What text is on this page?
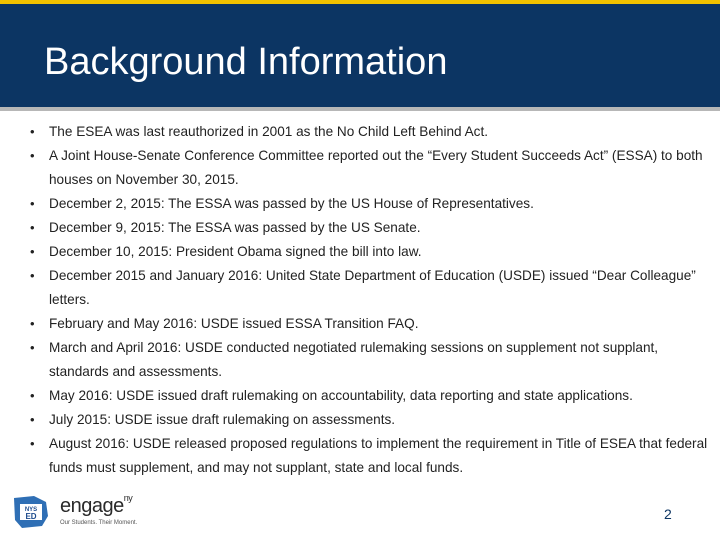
Background Information
• The ESEA was last reauthorized in 2001 as the No Child Left Behind Act.
• A Joint House-Senate Conference Committee reported out the “Every Student Succeeds Act” (ESSA) to both houses on November 30, 2015.
• December 2, 2015: The ESSA was passed by the US House of Representatives.
• December 9, 2015: The ESSA was passed by the US Senate.
• December 10, 2015: President Obama signed the bill into law.
• December 2015 and January 2016: United State Department of Education (USDE) issued “Dear Colleague” letters.
• February and May 2016: USDE issued ESSA Transition FAQ.
• March and April 2016: USDE conducted negotiated rulemaking sessions on supplement not supplant, standards and assessments.
• May 2016: USDE issued draft rulemaking on accountability, data reporting and state applications.
• July 2015: USDE issue draft rulemaking on assessments.
• August 2016: USDE released proposed regulations to implement the requirement in Title of ESEA that federal funds must supplement, and may not supplant, state and local funds.
NYS
ED engage$^{ny}$
Our Students. Their Moment.
2
